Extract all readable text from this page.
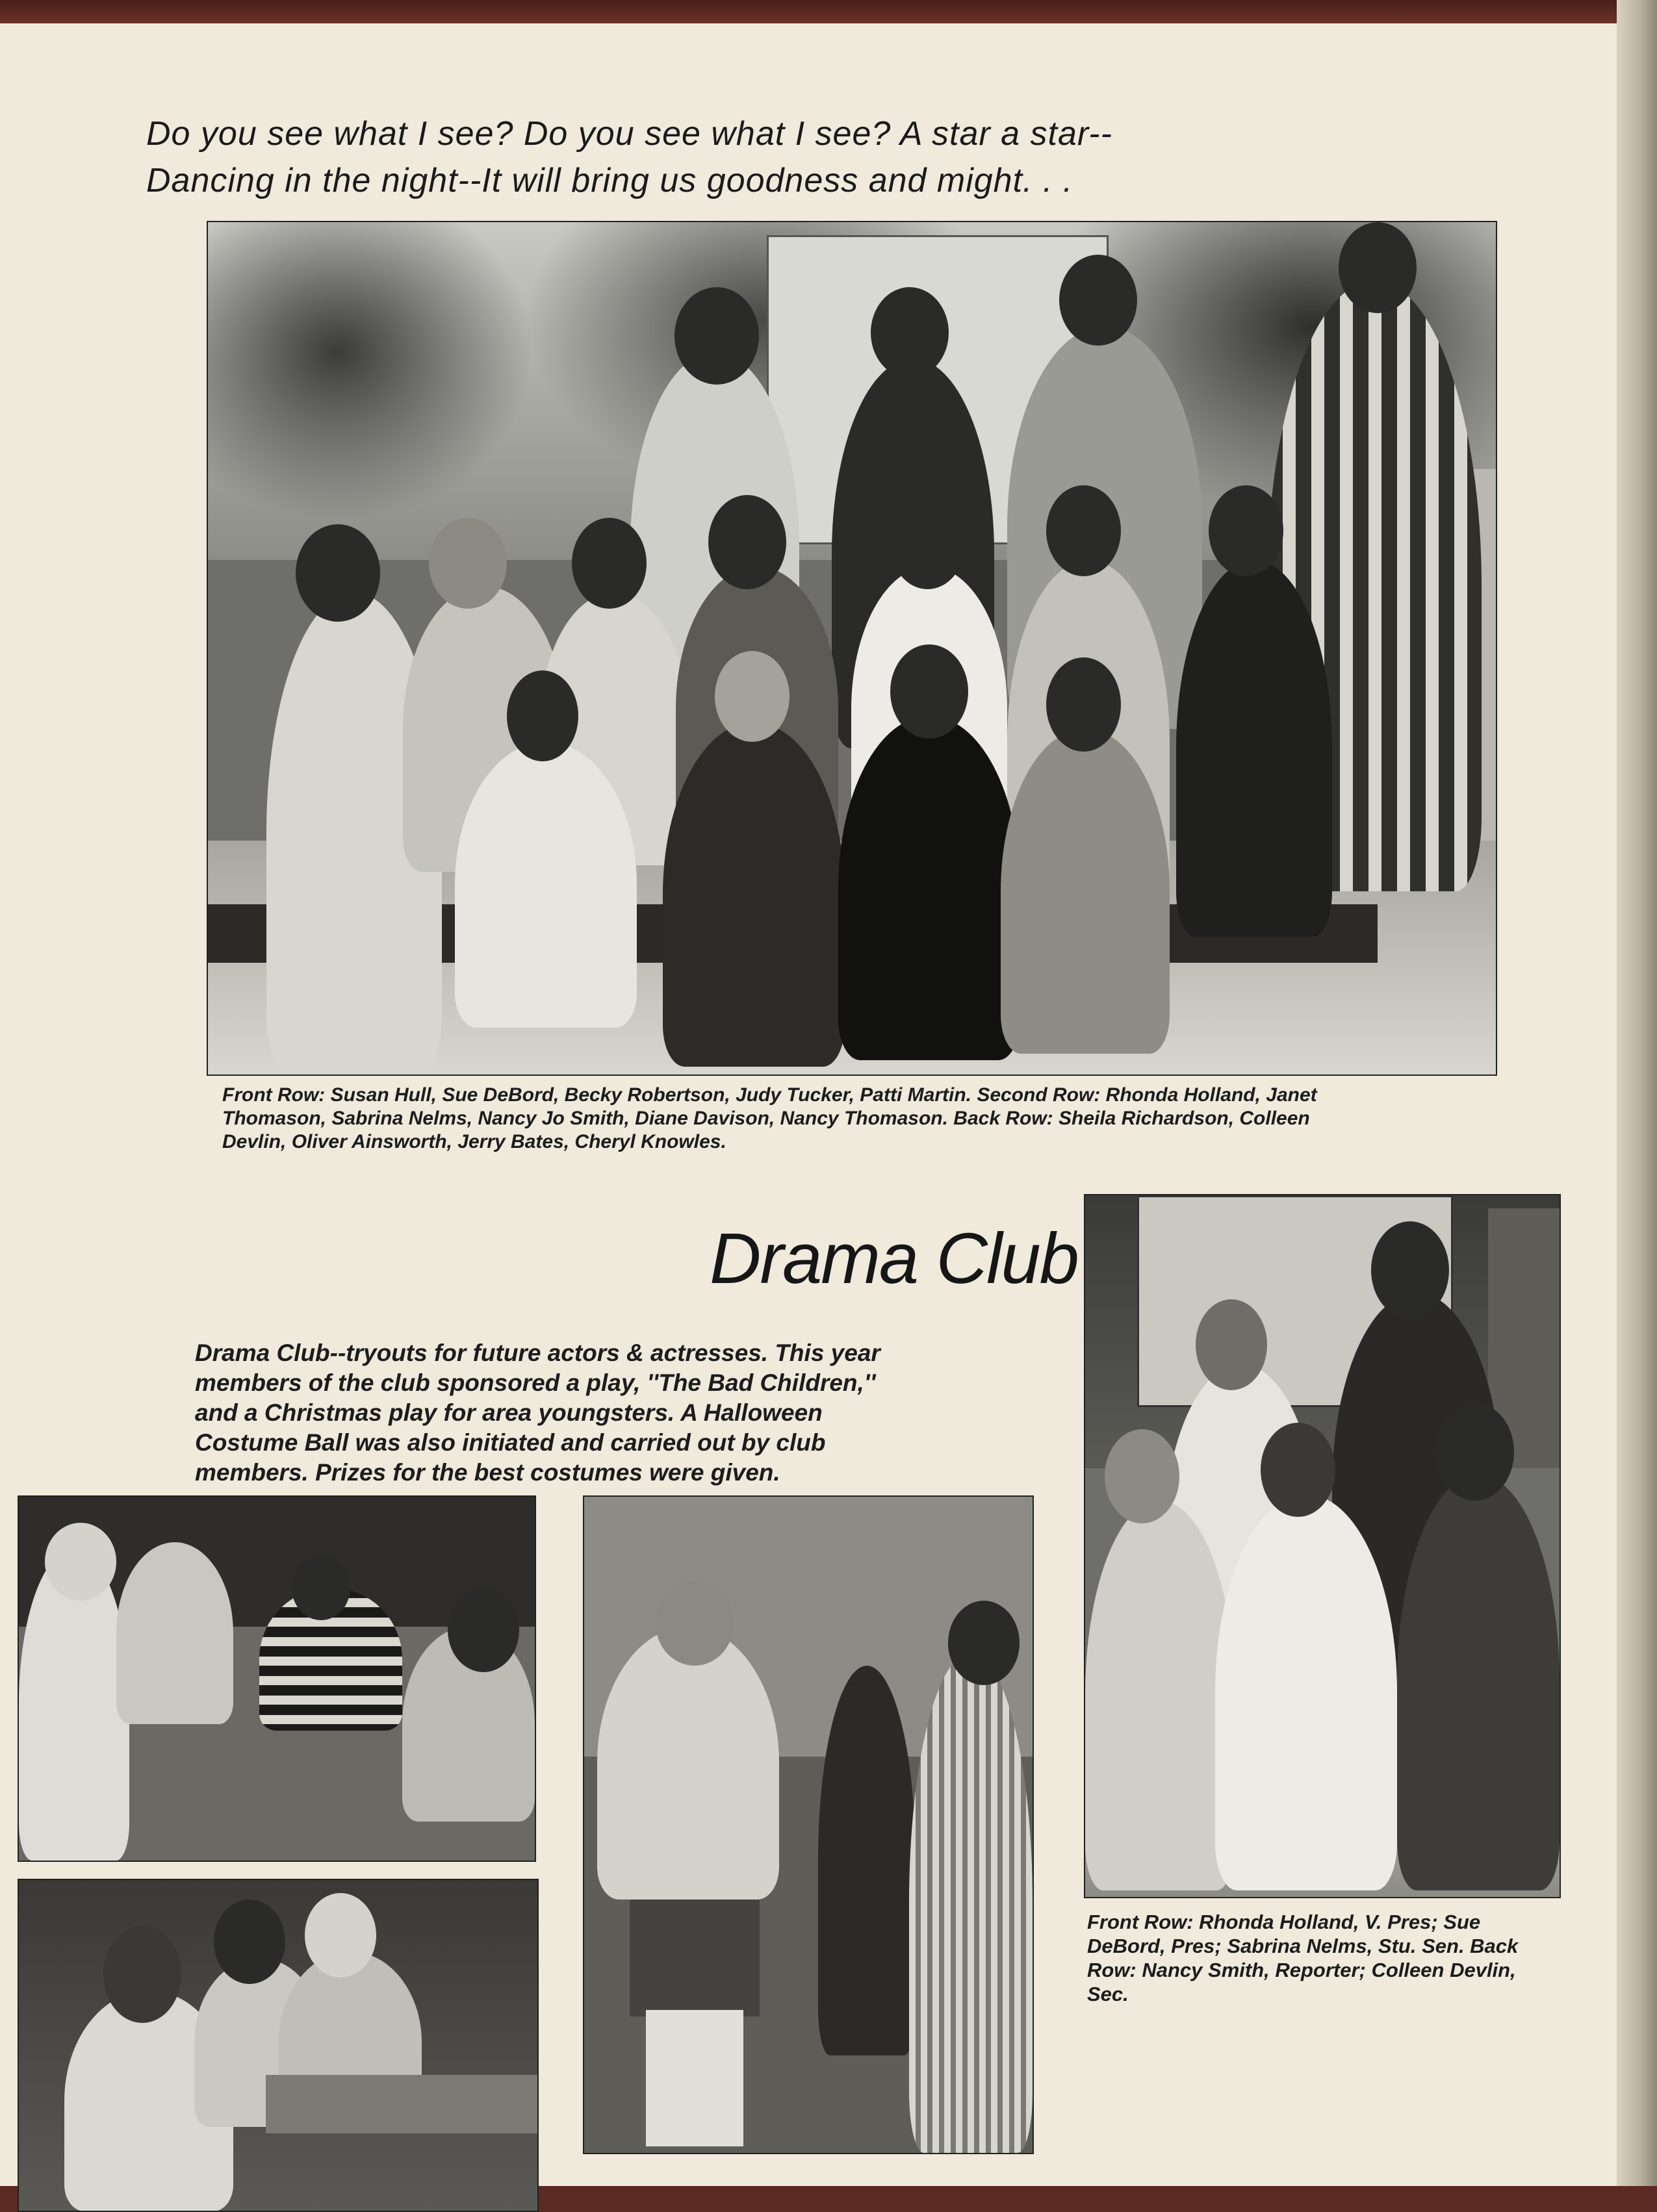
Do you see what I see? Do you see what I see? A star a star--
Dancing in the night--It will bring us goodness and might. . .
Front Row: Susan Hull, Sue DeBord, Becky Robertson, Judy Tucker, Patti Martin. Second Row: Rhonda Holland, Janet
Thomason, Sabrina Nelms, Nancy Jo Smith, Diane Davison, Nancy Thomason. Back Row: Sheila Richardson, Colleen
Devlin, Oliver Ainsworth, Jerry Bates, Cheryl Knowles.
Drama Club
Drama Club--tryouts for future actors & actresses. This year
members of the club sponsored a play, ''The Bad Children,''
and a Christmas play for area youngsters. A Halloween
Costume Ball was also initiated and carried out by club
members. Prizes for the best costumes were given.
Front Row: Rhonda Holland, V. Pres; Sue
DeBord, Pres; Sabrina Nelms, Stu. Sen. Back
Row: Nancy Smith, Reporter; Colleen Devlin,
Sec.
